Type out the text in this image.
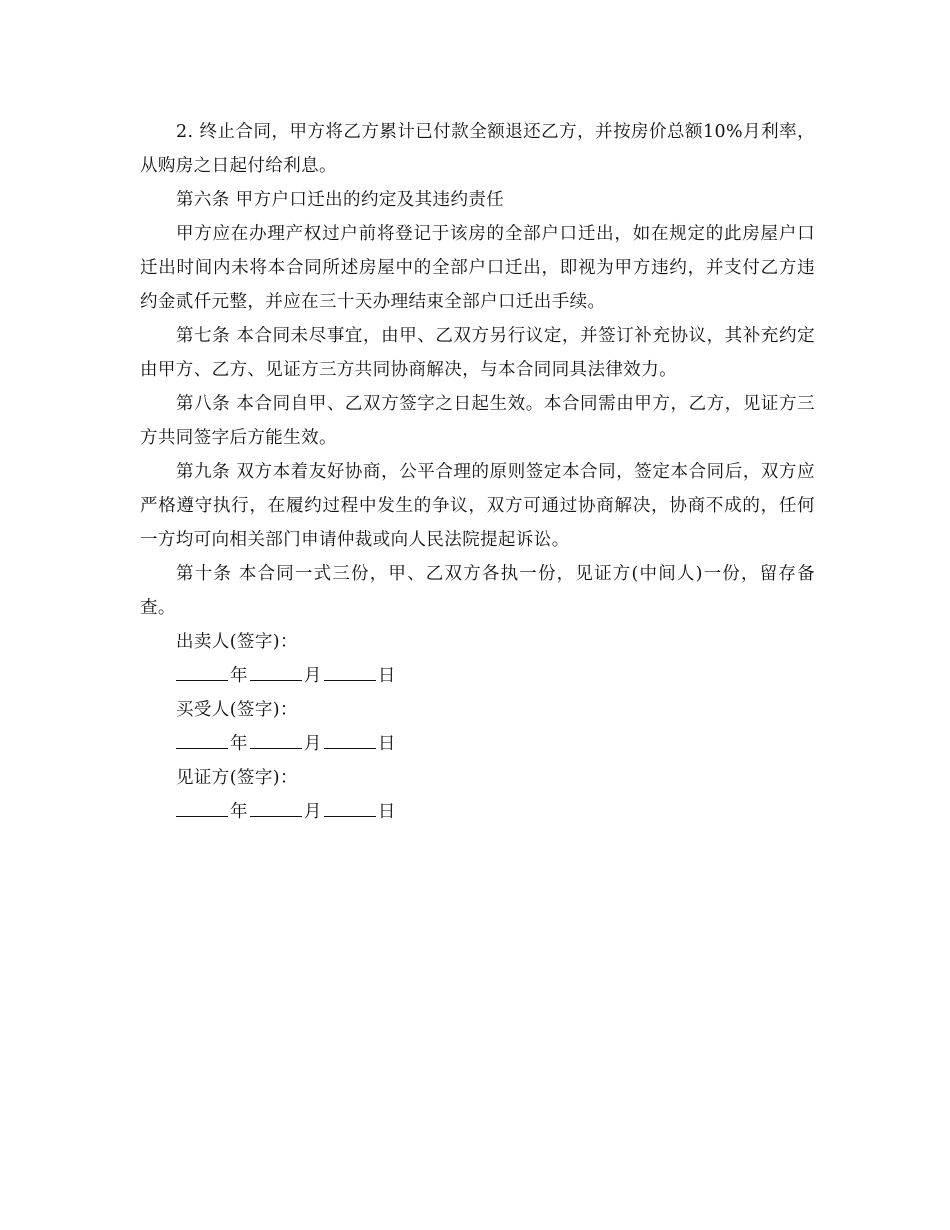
2. 终止合同，甲方将乙方累计已付款全额退还乙方，并按房价总额10%月利率，从购房之日起付给利息。

第六条 甲方户口迁出的约定及其违约责任

甲方应在办理产权过户前将登记于该房的全部户口迁出，如在规定的此房屋户口迁出时间内未将本合同所述房屋中的全部户口迁出，即视为甲方违约，并支付乙方违约金贰仟元整，并应在三十天办理结束全部户口迁出手续。

第七条 本合同未尽事宜，由甲、乙双方另行议定，并签订补充协议，其补充约定由甲方、乙方、见证方三方共同协商解决，与本合同同具法律效力。

第八条 本合同自甲、乙双方签字之日起生效。本合同需由甲方，乙方，见证方三方共同签字后方能生效。

第九条 双方本着友好协商，公平合理的原则签定本合同，签定本合同后，双方应严格遵守执行，在履约过程中发生的争议，双方可通过协商解决，协商不成的，任何一方均可向相关部门申请仲裁或向人民法院提起诉讼。

第十条 本合同一式三份，甲、乙双方各执一份，见证方(中间人)一份，留存备查。

出卖人(签字)：

年	月	日

买受人(签字)：

年	月	日

见证方(签字)：

年	月	日
